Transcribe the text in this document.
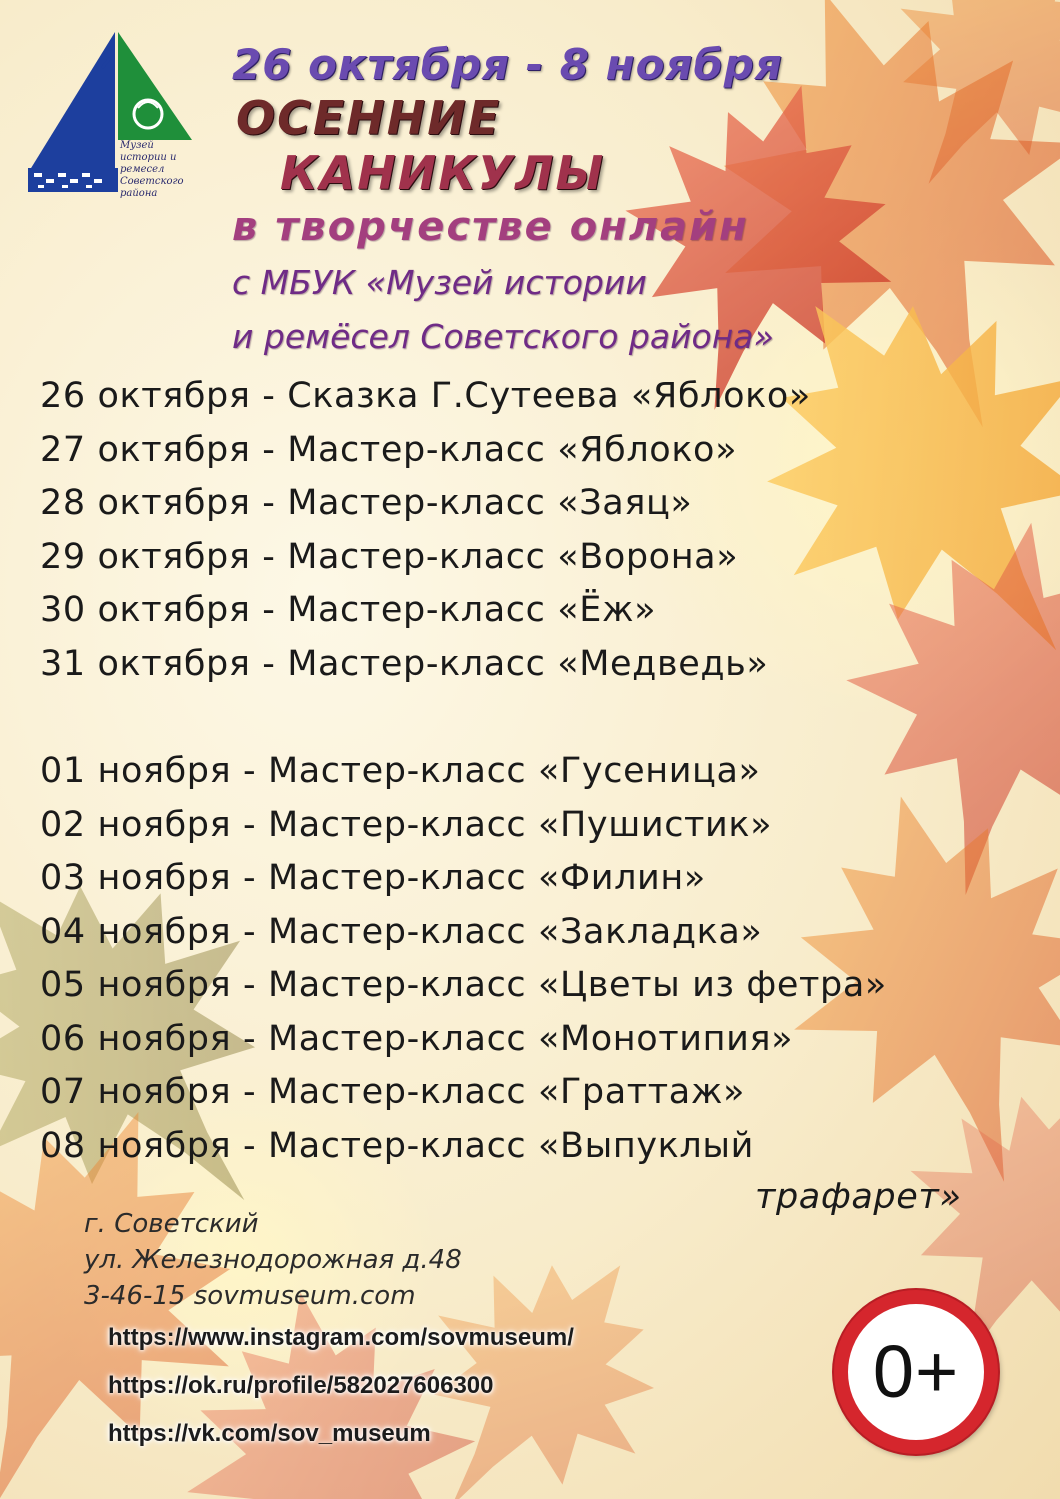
Музей
истории и ремесел
Советского района

26 октября - 8 ноября

ОСЕННИЕ

КАНИКУЛЫ

в творчестве онлайн

с МБУК «Музей истории

и ремёсел Советского района»

26 октября - Сказка Г.Сутеева «Яблоко»

27 октября - Мастер-класс «Яблоко»

28 октября - Мастер-класс «Заяц»

29 октября - Мастер-класс «Ворона»

30 октября - Мастер-класс «Ёж»

31 октября - Мастер-класс «Медведь»

01 ноября - Мастер-класс «Гусеница»

02 ноября - Мастер-класс «Пушистик»

03 ноября - Мастер-класс «Филин»

04 ноября - Мастер-класс «Закладка»

05 ноября - Мастер-класс «Цветы из фетра»

06 ноября - Мастер-класс «Монотипия»

07 ноября - Мастер-класс «Граттаж»

08 ноября - Мастер-класс «Выпуклый

трафарет»

г. Советский

ул. Железнодорожная д.48

3-46-15 sovmuseum.com

https://www.instagram.com/sovmuseum/
https://ok.ru/profile/582027606300
https://vk.com/sov_museum
0+
